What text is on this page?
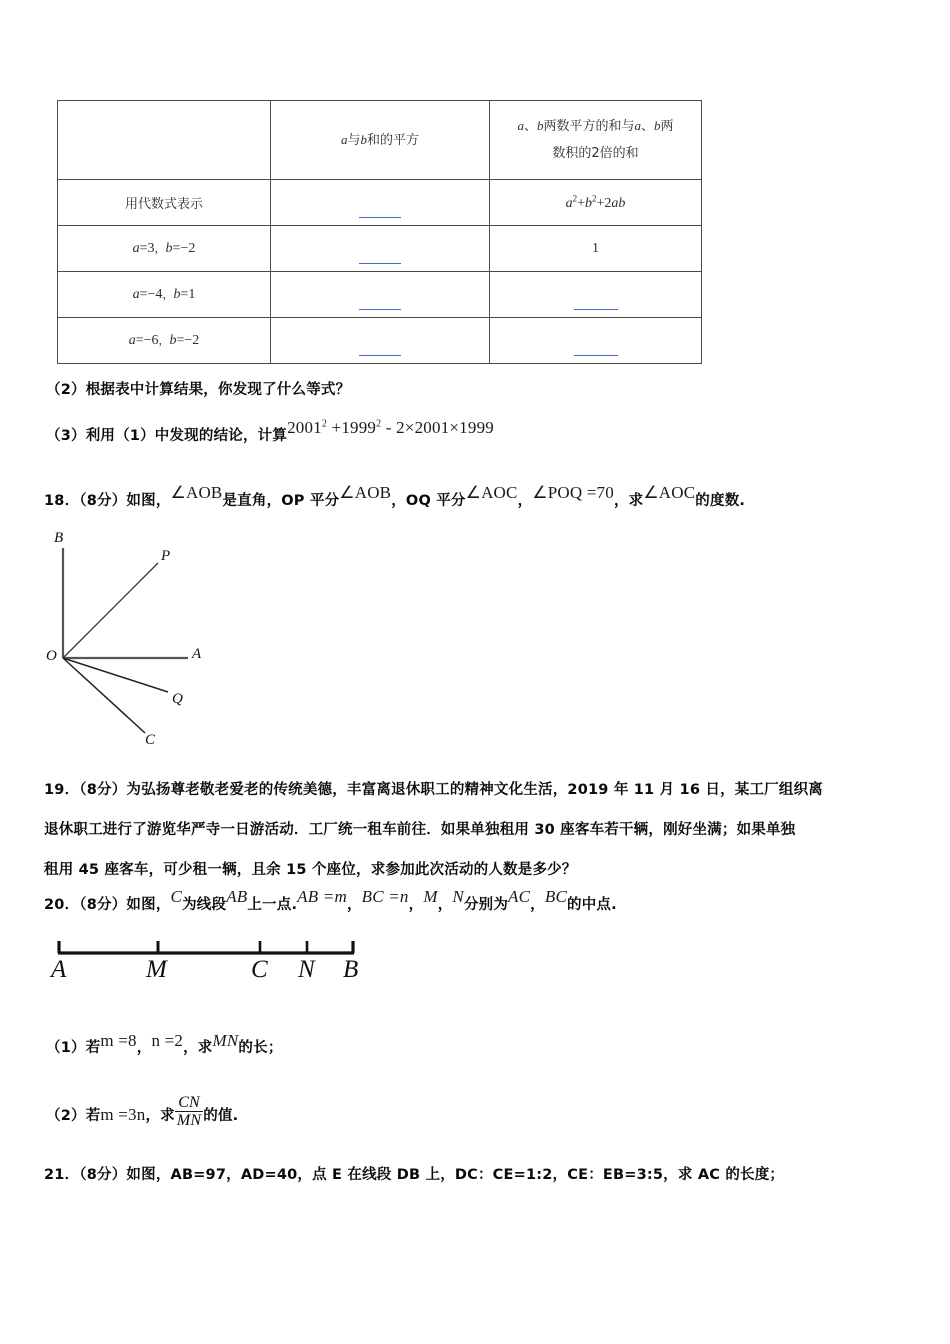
	a与b和的平方	a、b两数平方的和与a、b两
数积的2倍的和
用代数式表示		$a^2+b^2+2ab$
a=3，b=−2		1
a=−4，b=1	

a=−6，b=−2	

（2）根据表中计算结果，你发现了什么等式？
（3）利用（1）中发现的结论，计算$2001^2 +1999^2 - 2\times 2001\times 1999$
18．（8分）如图，∠AOB是直角，OP 平分∠AOB，OQ 平分∠AOC，∠POQ =70，求∠AOC的度数.
B
P
A
O
Q
C
19．（8分）为弘扬尊老敬老爱老的传统美德，丰富离退休职工的精神文化生活，2019 年 11 月 16 日，某工厂组织离
退休职工进行了游览华严寺一日游活动．工厂统一租车前往．如果单独租用 30 座客车若干辆，刚好坐满；如果单独
租用 45 座客车，可少租一辆，且余 15 个座位，求参加此次活动的人数是多少？
20．（8分）如图，C为线段AB上一点.AB =m，BC =n，M，N分别为AC，BC的中点.
A	M	C N B
（1）若m =8，n =2，求MN的长；
（2）若m =3n，求 $\frac{CN}{MN}$ 的值.
21．（8分）如图，AB=97，AD=40，点 E 在线段 DB 上，DC：CE=1:2，CE：EB=3:5，求 AC 的长度；
